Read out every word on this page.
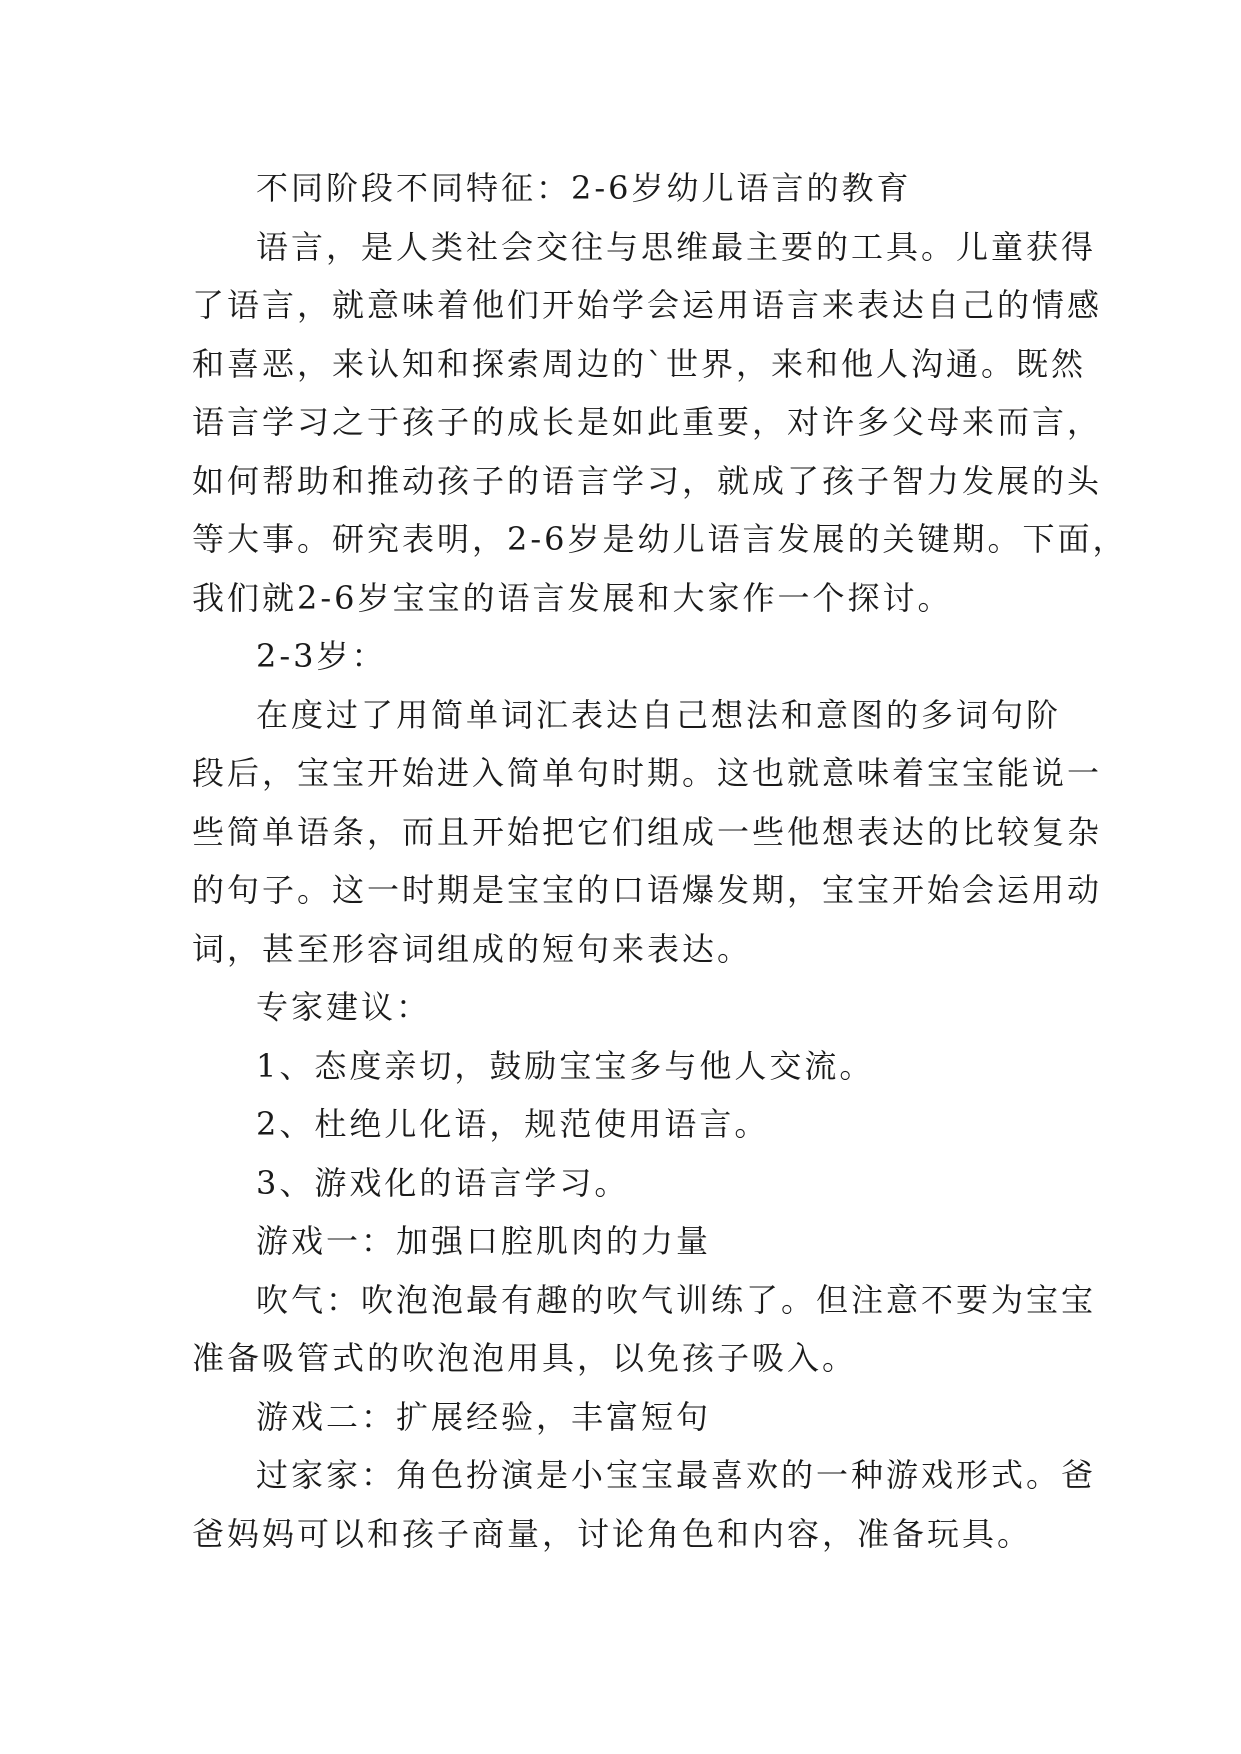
不同阶段不同特征：2-6岁幼儿语言的教育
语言，是人类社会交往与思维最主要的工具。儿童获得
了语言，就意味着他们开始学会运用语言来表达自己的情感
和喜恶，来认知和探索周边的`世界，来和他人沟通。既然
语言学习之于孩子的成长是如此重要，对许多父母来而言，
如何帮助和推动孩子的语言学习，就成了孩子智力发展的头
等大事。研究表明，2-6岁是幼儿语言发展的关键期。下面，
我们就2-6岁宝宝的语言发展和大家作一个探讨。
2-3岁：
在度过了用简单词汇表达自己想法和意图的多词句阶
段后，宝宝开始进入简单句时期。这也就意味着宝宝能说一
些简单语条，而且开始把它们组成一些他想表达的比较复杂
的句子。这一时期是宝宝的口语爆发期，宝宝开始会运用动
词，甚至形容词组成的短句来表达。
专家建议：
1、态度亲切，鼓励宝宝多与他人交流。
2、杜绝儿化语，规范使用语言。
3、游戏化的语言学习。
游戏一：加强口腔肌肉的力量
吹气：吹泡泡最有趣的吹气训练了。但注意不要为宝宝
准备吸管式的吹泡泡用具，以免孩子吸入。
游戏二：扩展经验，丰富短句
过家家：角色扮演是小宝宝最喜欢的一种游戏形式。爸
爸妈妈可以和孩子商量，讨论角色和内容，准备玩具。
